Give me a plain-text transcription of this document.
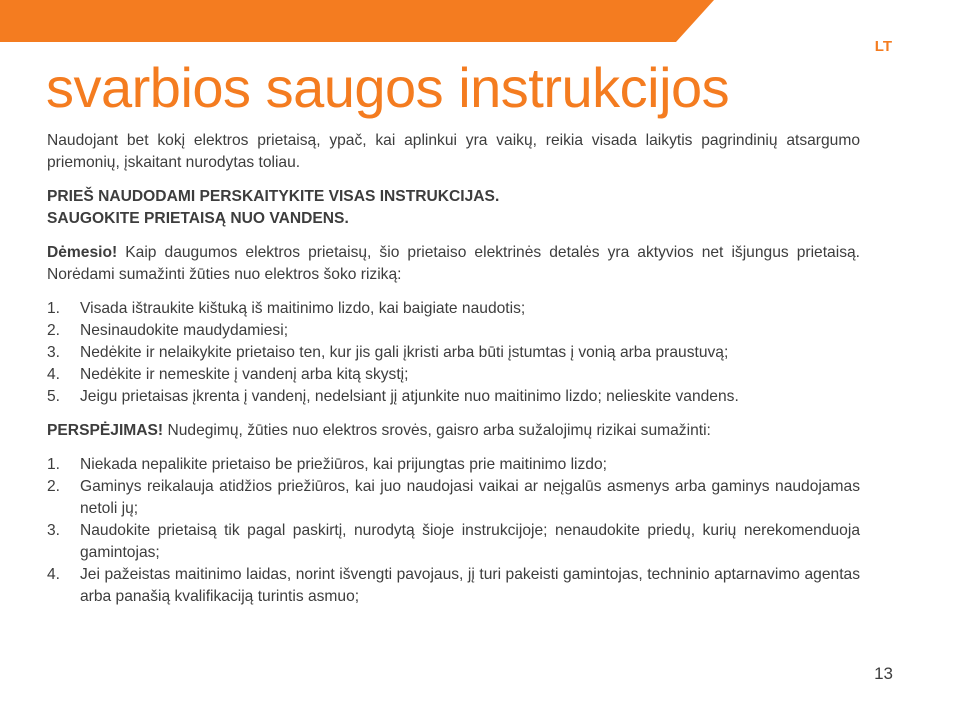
LT
svarbios saugos instrukcijos

Naudojant bet kokį elektros prietaisą, ypač, kai aplinkui yra vaikų, reikia visada laikytis pagrindinių atsargumo priemonių, įskaitant nurodytas toliau.

PRIEŠ NAUDODAMI PERSKAITYKITE VISAS INSTRUKCIJAS.
SAUGOKITE PRIETAISĄ NUO VANDENS.

Dėmesio! Kaip daugumos elektros prietaisų, šio prietaiso elektrinės detalės yra aktyvios net išjungus prietaisą. Norėdami sumažinti žūties nuo elektros šoko riziką:

1. Visada ištraukite kištuką iš maitinimo lizdo, kai baigiate naudotis;
2. Nesinaudokite maudydamiesi;
3. Nedėkite ir nelaikykite prietaiso ten, kur jis gali įkristi arba būti įstumtas į vonią arba praustuvą;
4. Nedėkite ir nemeskite į vandenį arba kitą skystį;
5. Jeigu prietaisas įkrenta į vandenį, nedelsiant jį atjunkite nuo maitinimo lizdo; nelieskite vandens.

PERSPĖJIMAS! Nudegimų, žūties nuo elektros srovės, gaisro arba sužalojimų rizikai sumažinti:

1. Niekada nepalikite prietaiso be priežiūros, kai prijungtas prie maitinimo lizdo;
2. Gaminys reikalauja atidžios priežiūros, kai juo naudojasi vaikai ar neįgalūs asmenys arba gaminys naudojamas netoli jų;
3. Naudokite prietaisą tik pagal paskirtį, nurodytą šioje instrukcijoje; nenaudokite priedų, kurių nerekomenduoja gamintojas;
4. Jei pažeistas maitinimo laidas, norint išvengti pavojaus, jį turi pakeisti gamintojas, techninio aptarnavimo agentas arba panašią kvalifikaciją turintis asmuo;
13
